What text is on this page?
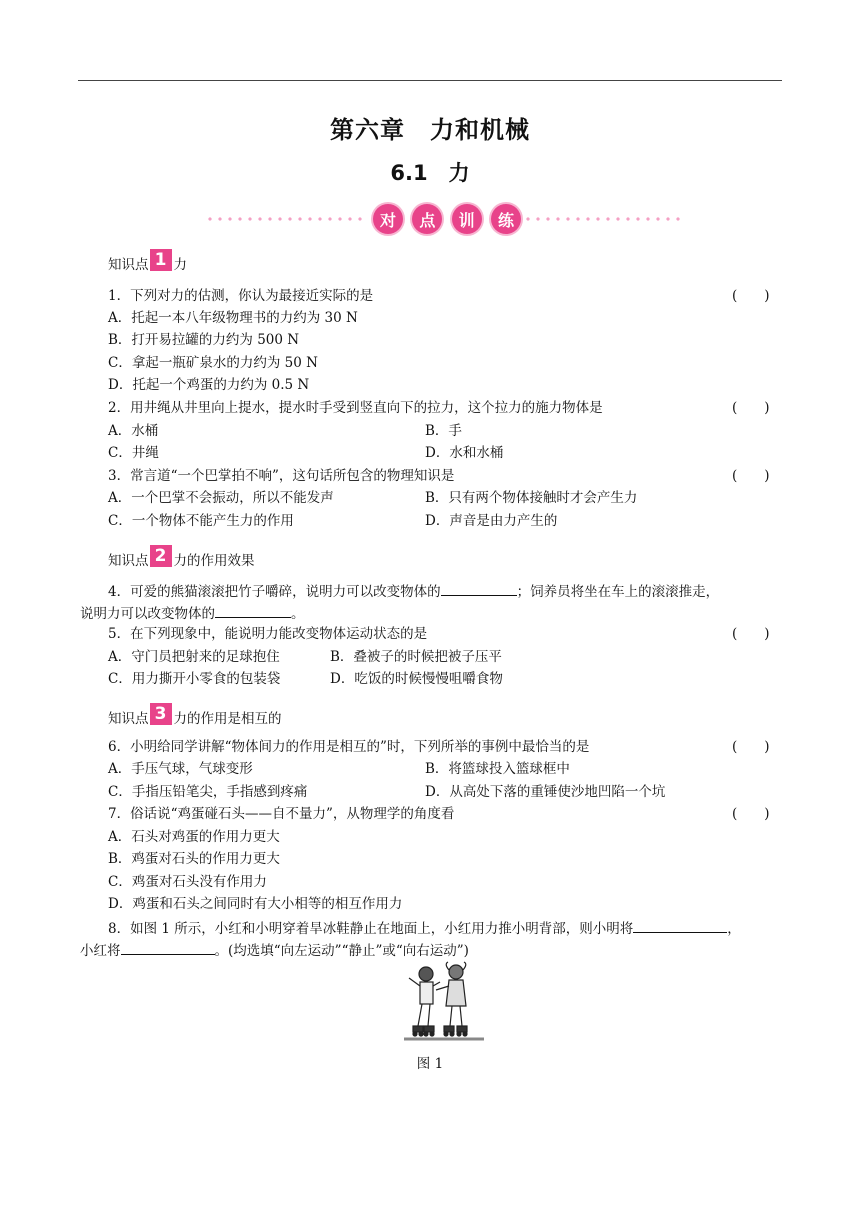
第六章　力和机械
6.1　力
对	点	训	练
知识点 1 力
1．下列对力的估测，你认为最接近实际的是	(　　)
A．托起一本八年级物理书的力约为 30 N
B．打开易拉罐的力约为 500 N
C．拿起一瓶矿泉水的力约为 50 N
D．托起一个鸡蛋的力约为 0.5 N
2．用井绳从井里向上提水，提水时手受到竖直向下的拉力，这个拉力的施力物体是	(　　)
A．水桶	B．手
C．井绳	D．水和水桶
3．常言道“一个巴掌拍不响”，这句话所包含的物理知识是	(　　)
A．一个巴掌不会振动，所以不能发声	B．只有两个物体接触时才会产生力
C．一个物体不能产生力的作用	D．声音是由力产生的
知识点 2 力的作用效果
4．可爱的熊猫滚滚把竹子嚼碎，说明力可以改变物体的	；饲养员将坐在车上的滚滚推走，
说明力可以改变物体的	。
5．在下列现象中，能说明力能改变物体运动状态的是	(　　)
A．守门员把射来的足球抱住	B．叠被子的时候把被子压平
C．用力撕开小零食的包装袋	D．吃饭的时候慢慢咀嚼食物
知识点 3 力的作用是相互的
6．小明给同学讲解“物体间力的作用是相互的”时，下列所举的事例中最恰当的是	(　　)
A．手压气球，气球变形	B．将篮球投入篮球框中
C．手指压铅笔尖，手指感到疼痛	D．从高处下落的重锤使沙地凹陷一个坑
7．俗话说“鸡蛋碰石头——自不量力”，从物理学的角度看	(　　)
A．石头对鸡蛋的作用力更大
B．鸡蛋对石头的作用力更大
C．鸡蛋对石头没有作用力
D．鸡蛋和石头之间同时有大小相等的相互作用力
8．如图 1 所示，小红和小明穿着旱冰鞋静止在地面上，小红用力推小明背部，则小明将	，
小红将	。(均选填“向左运动”“静止”或“向右运动”)
图 1
